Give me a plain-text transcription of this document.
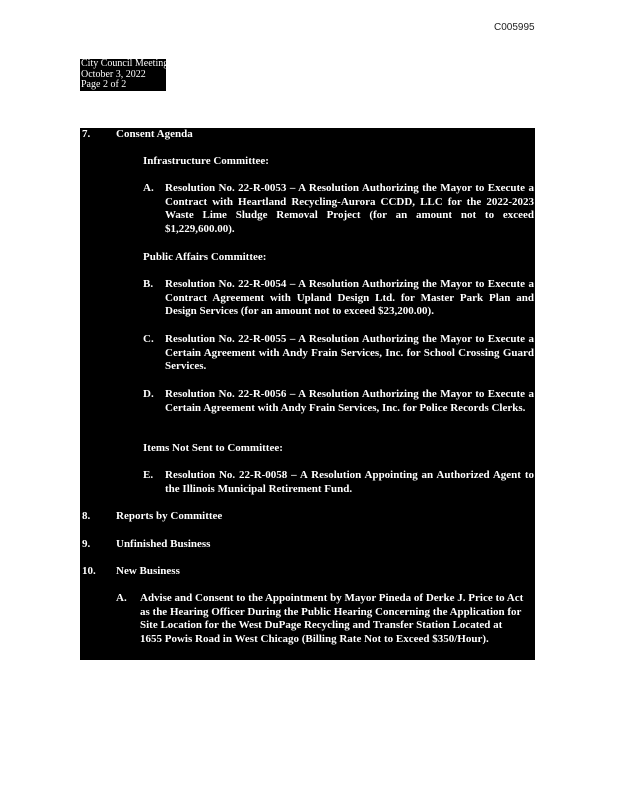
C005995
City Council Meeting
October 3, 2022
Page 2 of 2
7. Consent Agenda
Infrastructure Committee:
A. Resolution No. 22-R-0053 – A Resolution Authorizing the Mayor to Execute a Contract with Heartland Recycling-Aurora CCDD, LLC for the 2022-2023 Waste Lime Sludge Removal Project (for an amount not to exceed $1,229,600.00).
Public Affairs Committee:
B. Resolution No. 22-R-0054 – A Resolution Authorizing the Mayor to Execute a Contract Agreement with Upland Design Ltd. for Master Park Plan and Design Services (for an amount not to exceed $23,200.00).
C. Resolution No. 22-R-0055 – A Resolution Authorizing the Mayor to Execute a Certain Agreement with Andy Frain Services, Inc. for School Crossing Guard Services.
D. Resolution No. 22-R-0056 – A Resolution Authorizing the Mayor to Execute a Certain Agreement with Andy Frain Services, Inc. for Police Records Clerks.
Items Not Sent to Committee:
E. Resolution No. 22-R-0058 – A Resolution Appointing an Authorized Agent to the Illinois Municipal Retirement Fund.
8. Reports by Committee
9. Unfinished Business
10. New Business
A. Advise and Consent to the Appointment by Mayor Pineda of Derke J. Price to Act as the Hearing Officer During the Public Hearing Concerning the Application for Site Location for the West DuPage Recycling and Transfer Station Located at 1655 Powis Road in West Chicago (Billing Rate Not to Exceed $350/Hour).
